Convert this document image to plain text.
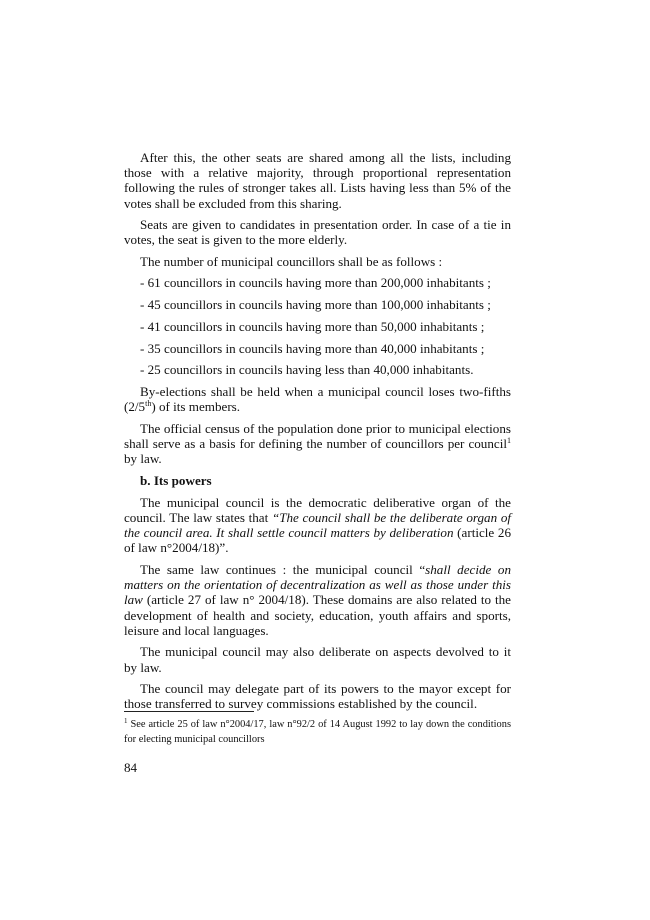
After this, the other seats are shared among all the lists, including those with a relative majority, through proportional representation following the rules of stronger takes all. Lists having less than 5% of the votes shall be excluded from this sharing.

Seats are given to candidates in presentation order. In case of a tie in votes, the seat is given to the more elderly.

The number of municipal councillors shall be as follows :

- 61 councillors in councils having more than 200,000 inhabitants ;

- 45 councillors in councils having more than 100,000 inhabitants ;

- 41 councillors in councils having more than 50,000 inhabitants ;

- 35 councillors in councils having more than 40,000 inhabitants ;

- 25 councillors in councils having less than 40,000 inhabitants.

By-elections shall be held when a municipal council loses two-fifths (2/5th) of its members.

The official census of the population done prior to municipal elections shall serve as a basis for defining the number of councillors per council$^1$ by law.

b. Its powers

The municipal council is the democratic deliberative organ of the council. The law states that “The council shall be the deliberate organ of the council area. It shall settle council matters by deliberation (article 26 of law n°2004/18)”.

The same law continues : the municipal council “shall decide on matters on the orientation of decentralization as well as those under this law (article 27 of law n° 2004/18). These domains are also related to the development of health and society, education, youth affairs and sports, leisure and local languages.

The municipal council may also deliberate on aspects devolved to it by law.

The council may delegate part of its powers to the mayor except for those transferred to survey commissions established by the council.

$^1$ See article 25 of law n°2004/17, law n°92/2 of 14 August 1992 to lay down the conditions for electing municipal councillors

84
